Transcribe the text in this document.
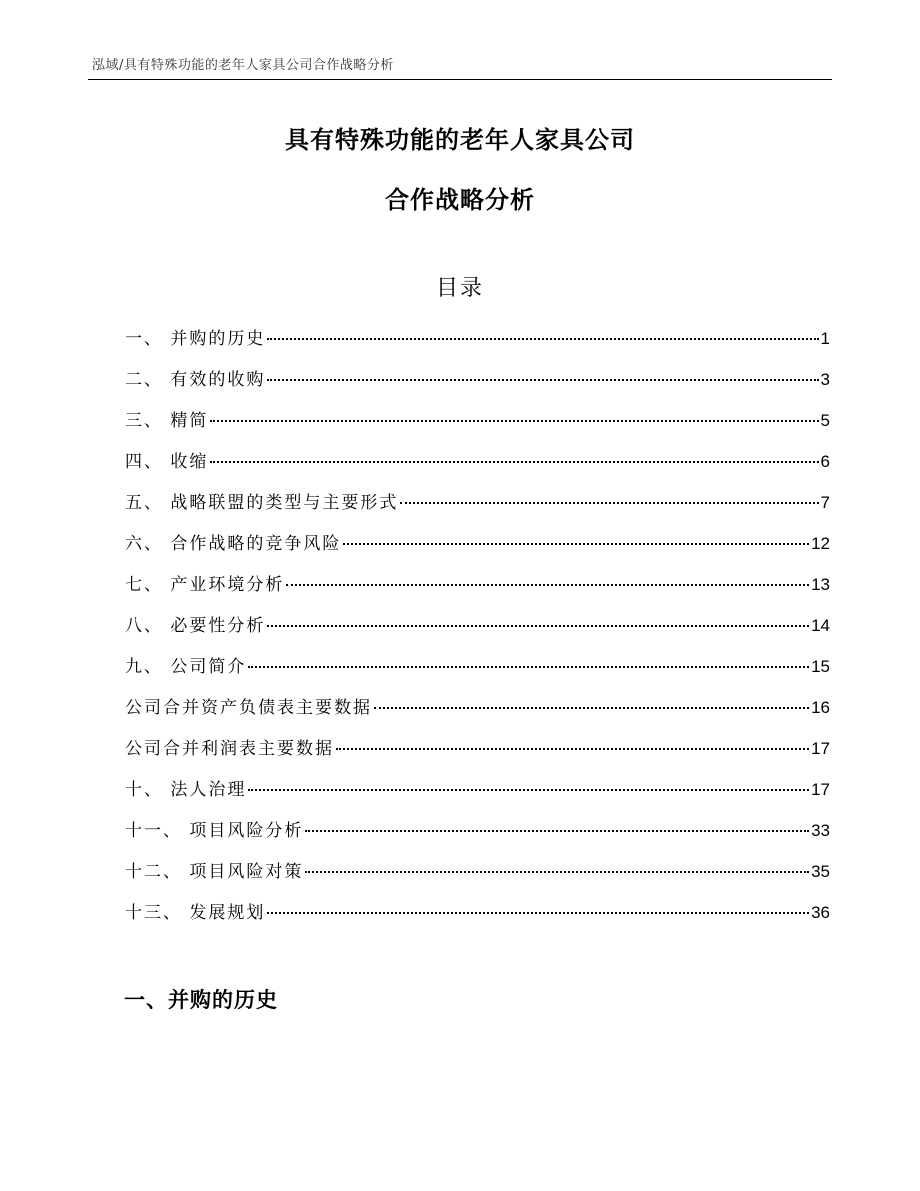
泓域/具有特殊功能的老年人家具公司合作战略分析
具有特殊功能的老年人家具公司
合作战略分析
目录
一、 并购的历史	1
二、 有效的收购	3
三、 精简	5
四、 收缩	6
五、 战略联盟的类型与主要形式	7
六、 合作战略的竞争风险	12
七、 产业环境分析	13
八、 必要性分析	14
九、 公司简介	15
公司合并资产负债表主要数据	16
公司合并利润表主要数据	17
十、 法人治理	17
十一、 项目风险分析	33
十二、 项目风险对策	35
十三、 发展规划	36
一、并购的历史
